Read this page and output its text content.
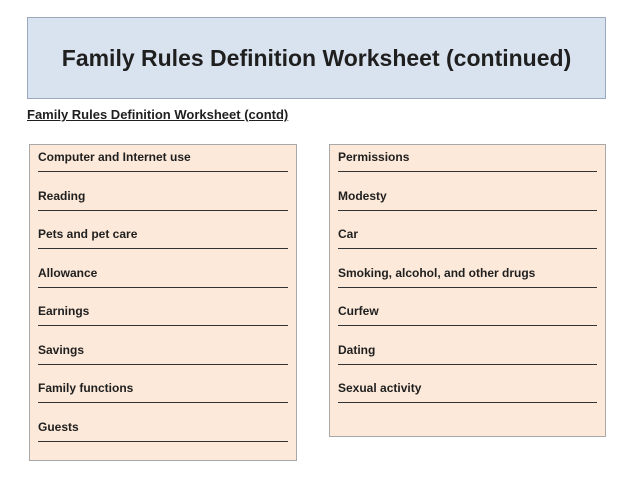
Family Rules Definition Worksheet (continued)
Family Rules Definition Worksheet (contd)
Computer and Internet use
Reading
Pets and pet care
Allowance
Earnings
Savings
Family functions
Guests
Permissions
Modesty
Car
Smoking, alcohol, and other drugs
Curfew
Dating
Sexual activity
